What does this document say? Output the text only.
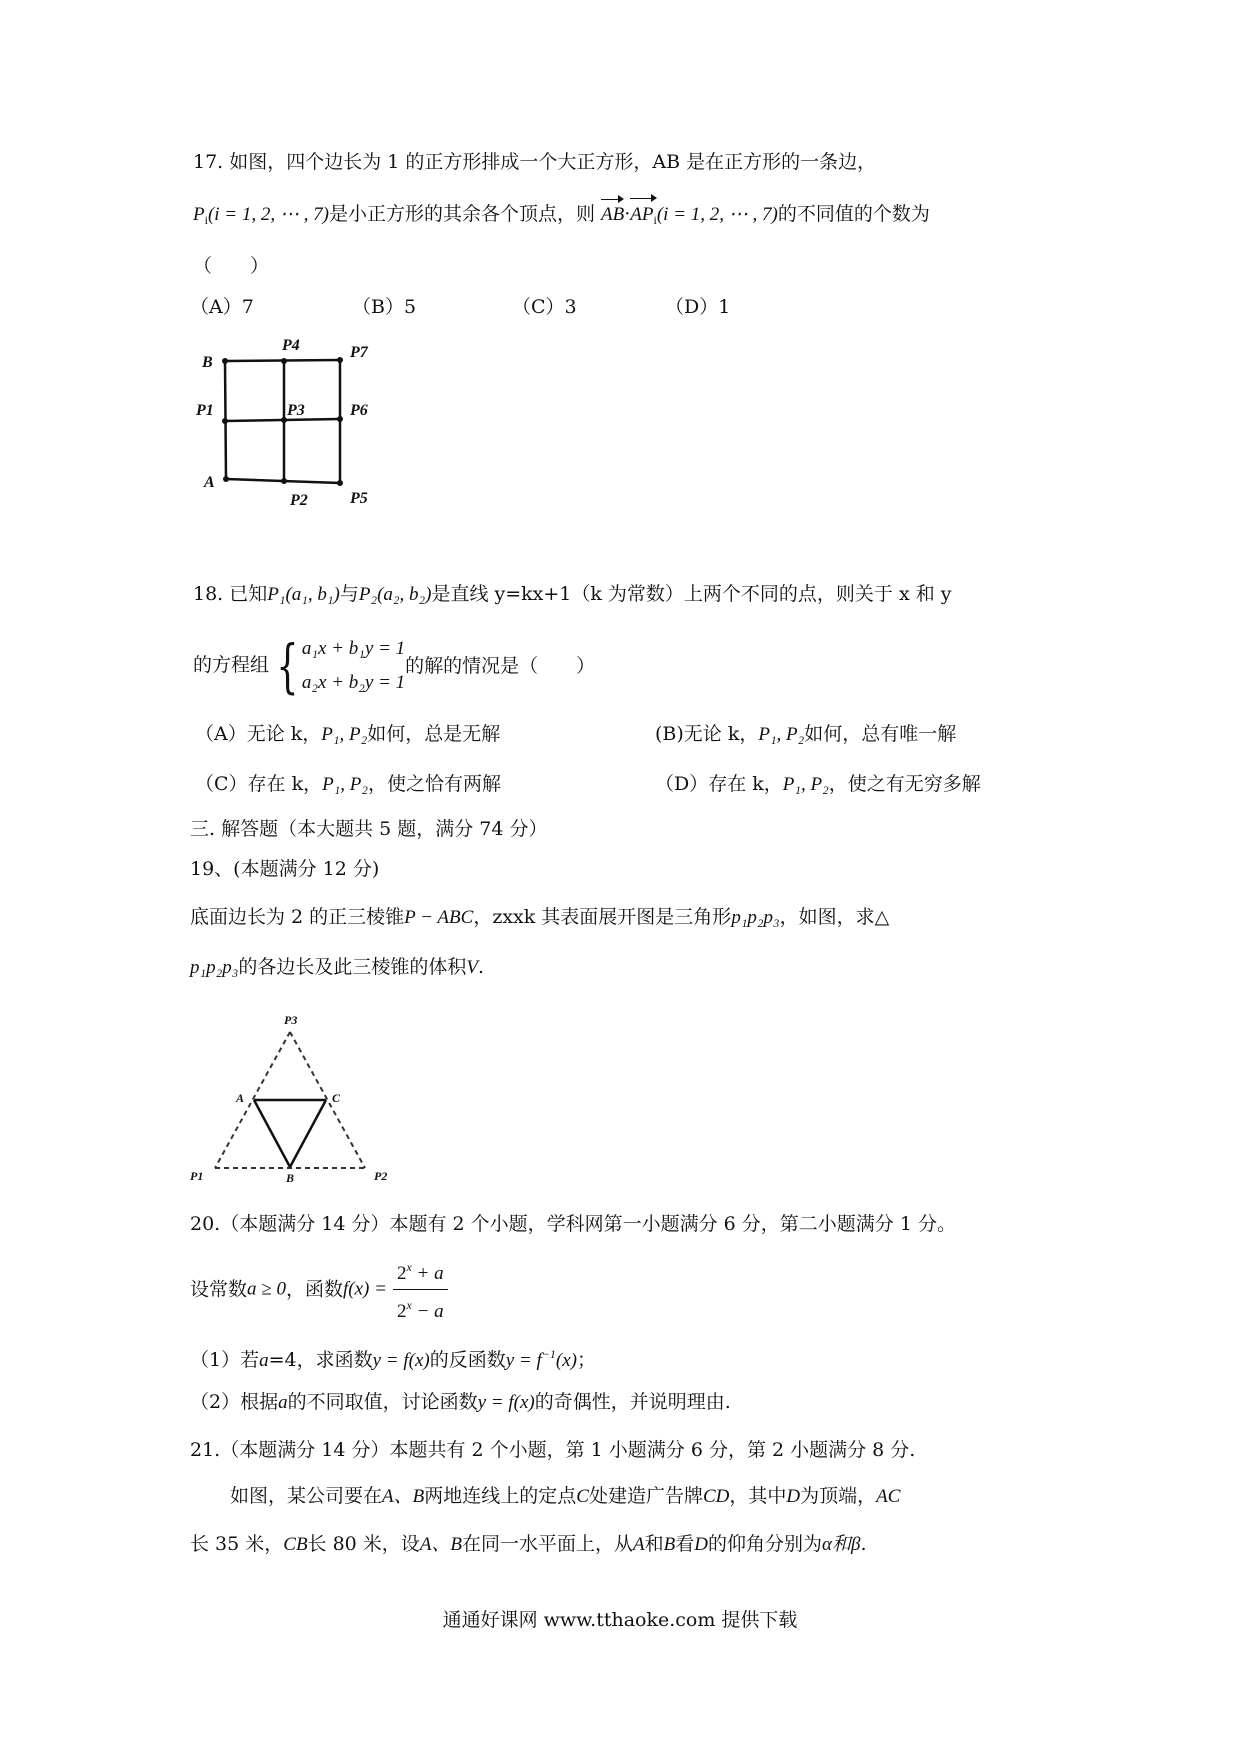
17. 如图，四个边长为 1 的正方形排成一个大正方形，AB 是在正方形的一条边，
$P_i(i = 1$, 2, ⋯ , 7)是小正方形的其余各个顶点，则 $AB\cdot AP_i(i = 1$, 2, ⋯ , 7)的不同值的个数为
（　　）
（A）7	（B）5	（C）3	（D）1
B
P4	P7
P1	P3	P6
A
P2	P5
18. 已知P₁(a₁, b₁)与P₂(a₂, b₂)是直线 y=kx+1（k 为常数）上两个不同的点，则关于 x 和 y
的方程组 { a₁x + b₁y = 1
a₂x + b₂y = 1
的解的情况是（　　）
（A）无论 k，P₁, P₂如何，总是无解	(B)无论 k，P₁, P₂如何，总有唯一解
（C）存在 k，P₁, P₂，使之恰有两解	（D）存在 k，P₁, P₂，使之有无穷多解
三. 解答题（本大题共 5 题，满分 74 分）
19、(本题满分 12 分)
底面边长为 2 的正三棱锥P − ABC，zxxk 其表面展开图是三角形p₁p₂p₃，如图，求△
p₁p₂p₃的各边长及此三棱锥的体积V.
P3
A	C
P1	B	P2
20.（本题满分 14 分）本题有 2 个小题，学科网第一小题满分 6 分，第二小题满分 1 分。
设常数a ≥ 0，函数$f(x) = \frac{2^x + a}{2^x - a}$
（1）若a=4，求函数y = f(x)的反函数$y = f^{-1}(x)$；
（2）根据a的不同取值，讨论函数y = f(x)的奇偶性，并说明理由.
21.（本题满分 14 分）本题共有 2 个小题，第 1 小题满分 6 分，第 2 小题满分 8 分.
如图，某公司要在A、B两地连线上的定点C处建造广告牌CD，其中D为顶端，AC
长 35 米，CB长 80 米，设A、B在同一水平面上，从A和B看D的仰角分别为α和β.
通通好课网 www.tthaoke.com 提供下载
